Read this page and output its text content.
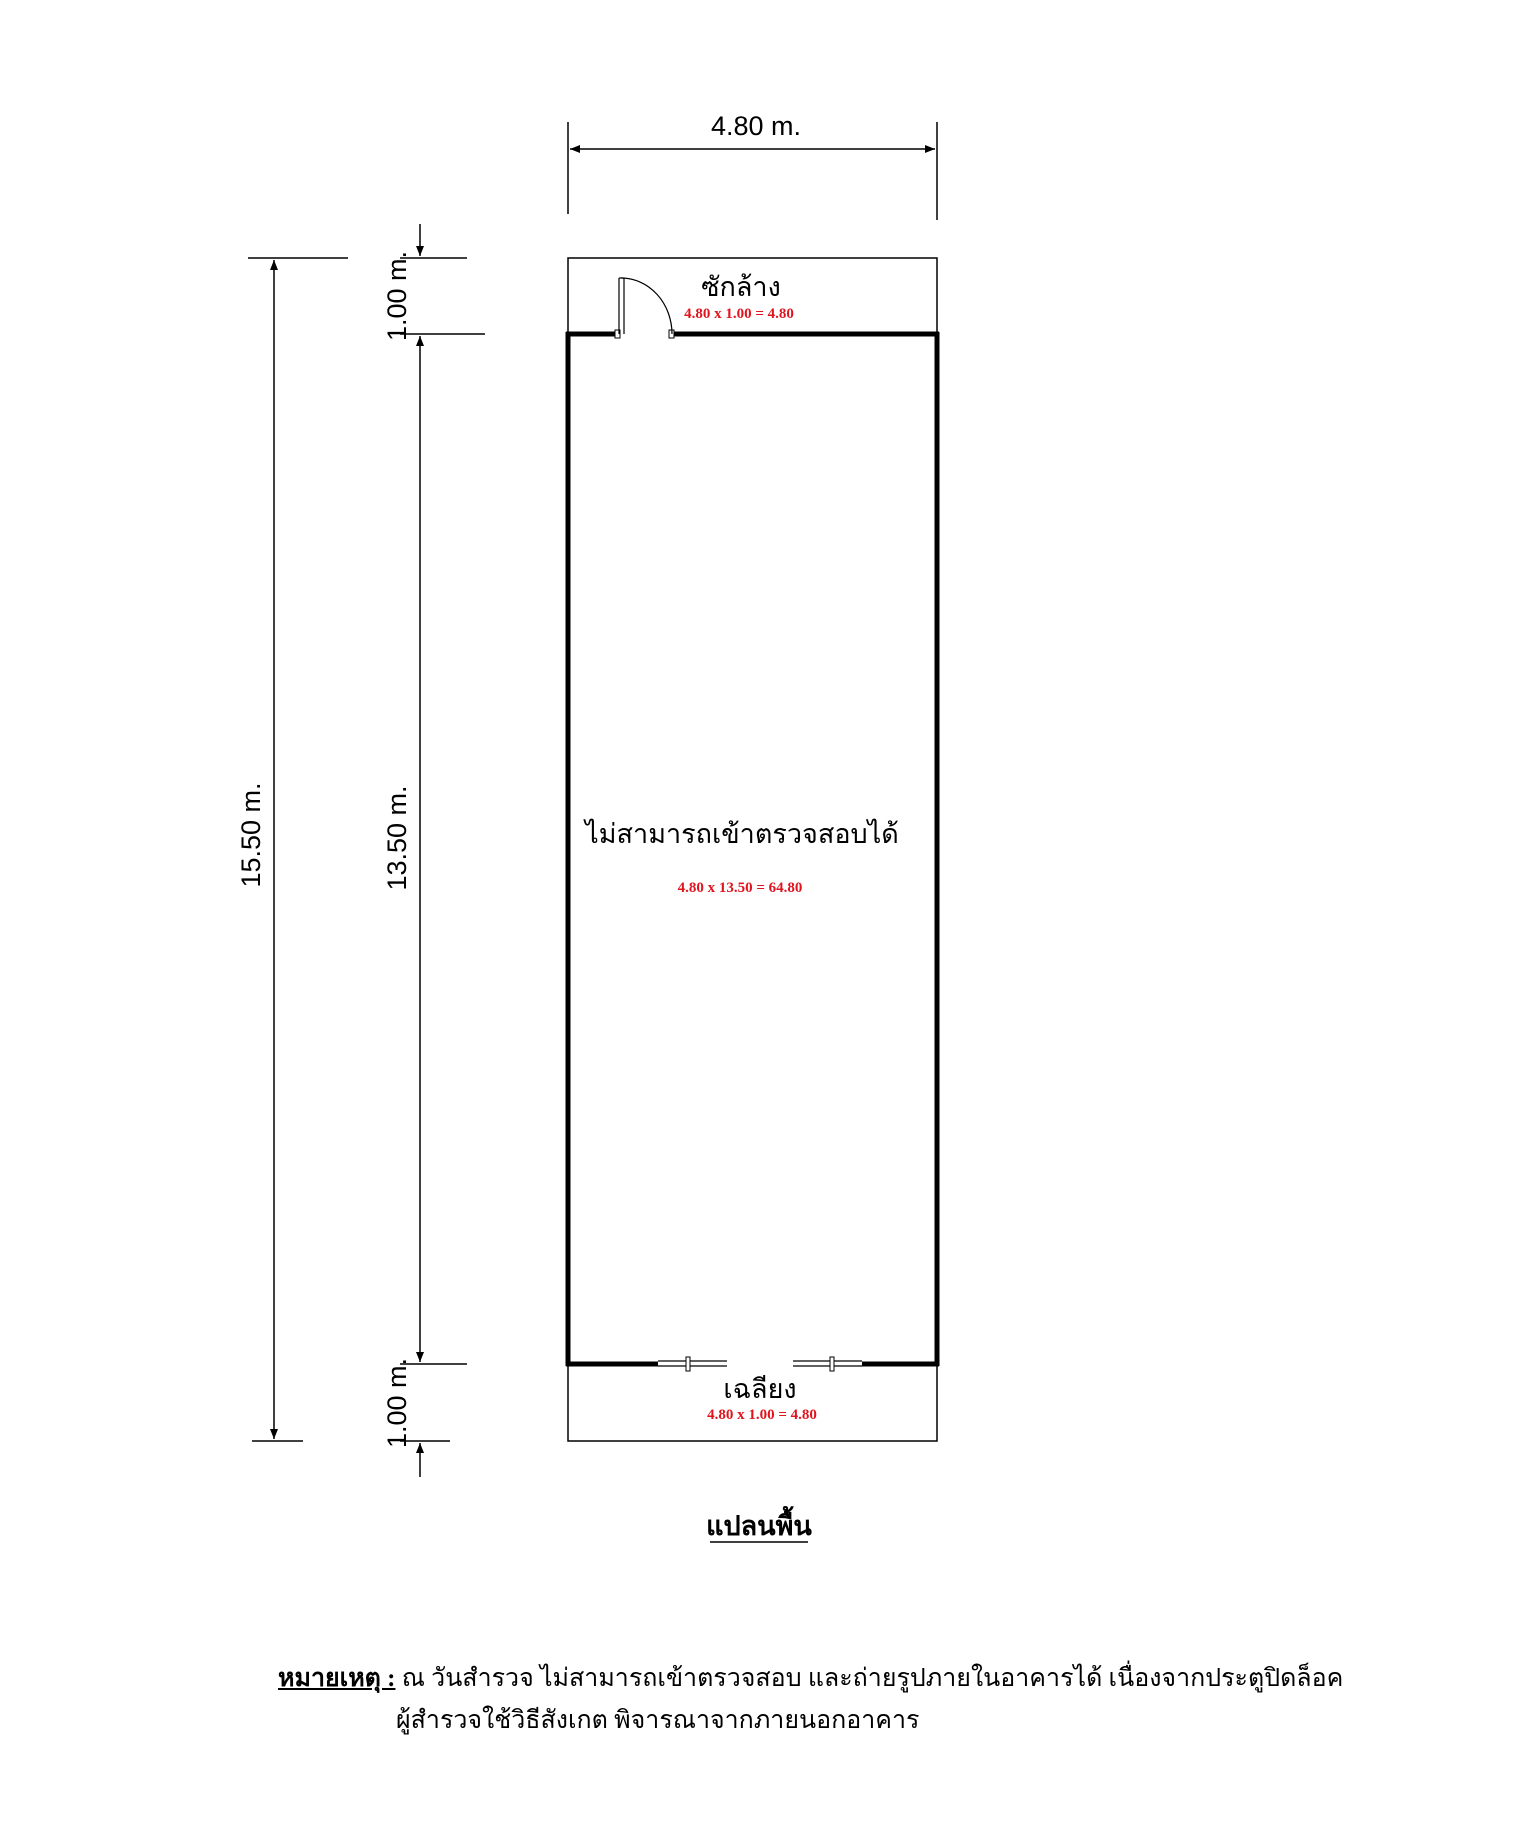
4.80 m.
15.50 m.
1.00 m.
13.50 m.
1.00 m.
ซักล้าง
4.80 x 1.00 = 4.80
ไม่สามารถเข้าตรวจสอบได้
4.80 x 13.50 = 64.80
เฉลียง
4.80 x 1.00 = 4.80
แปลนพื้น
หมายเหตุ : ณ วันสำรวจ ไม่สามารถเข้าตรวจสอบ และถ่ายรูปภายในอาคารได้ เนื่องจากประตูปิดล็อค
ผู้สำรวจใช้วิธีสังเกต พิจารณาจากภายนอกอาคาร
